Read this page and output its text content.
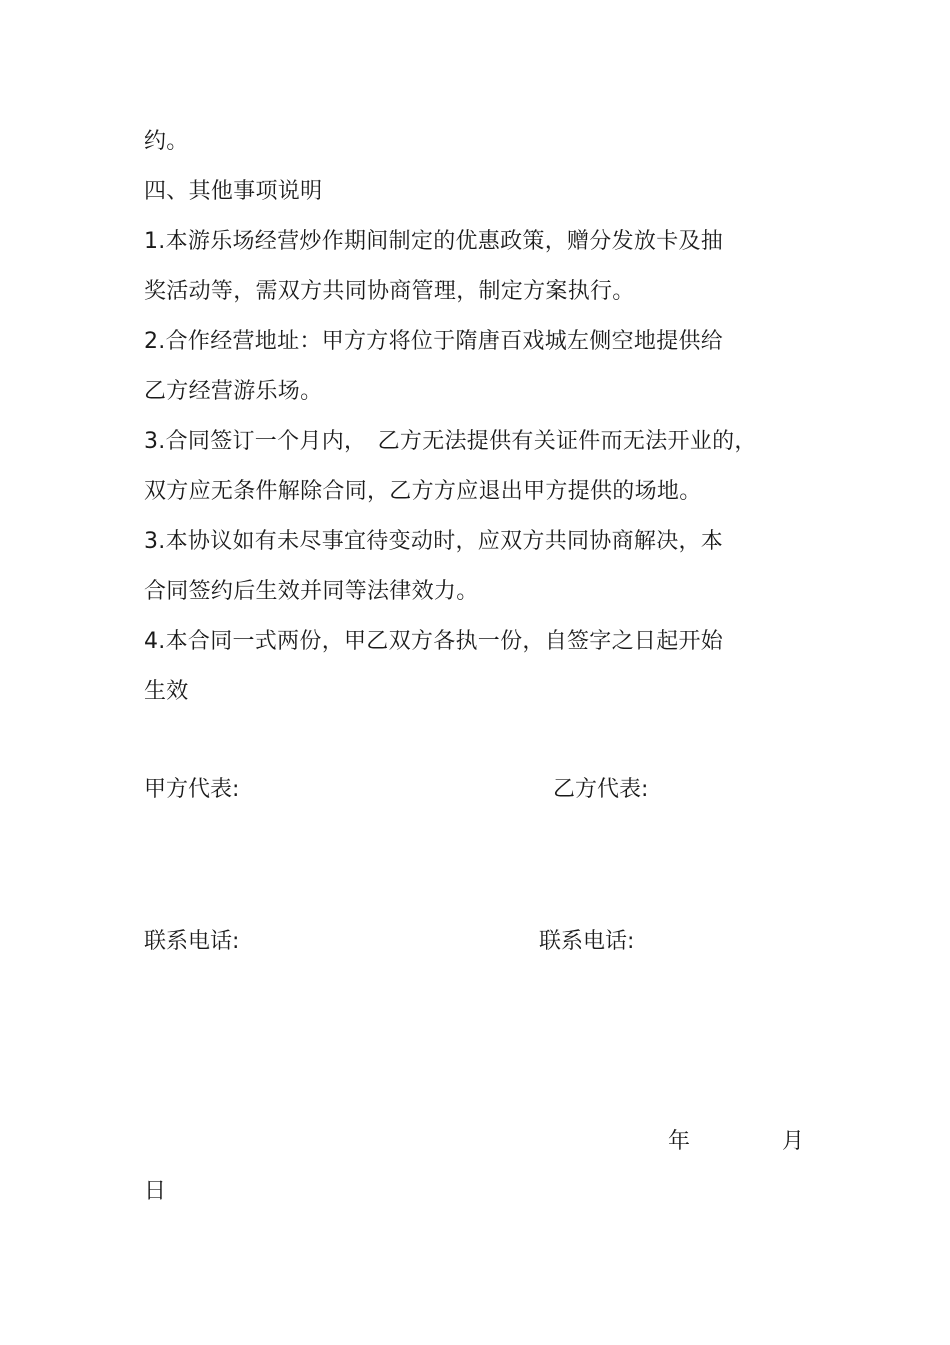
约。
四、其他事项说明
1.本游乐场经营炒作期间制定的优惠政策，赠分发放卡及抽
奖活动等，需双方共同协商管理，制定方案执行。
2.合作经营地址：甲方方将位于隋唐百戏城左侧空地提供给
乙方经营游乐场。
3.合同签订一个月内，　乙方无法提供有关证件而无法开业的，
双方应无条件解除合同，乙方方应退出甲方提供的场地。
3.本协议如有未尽事宜待变动时，应双方共同协商解决，本
合同签约后生效并同等法律效力。
4.本合同一式两份，甲乙双方各执一份，自签字之日起开始
生效
甲方代表:	乙方代表:
联系电话:	联系电话:
年	月
日
